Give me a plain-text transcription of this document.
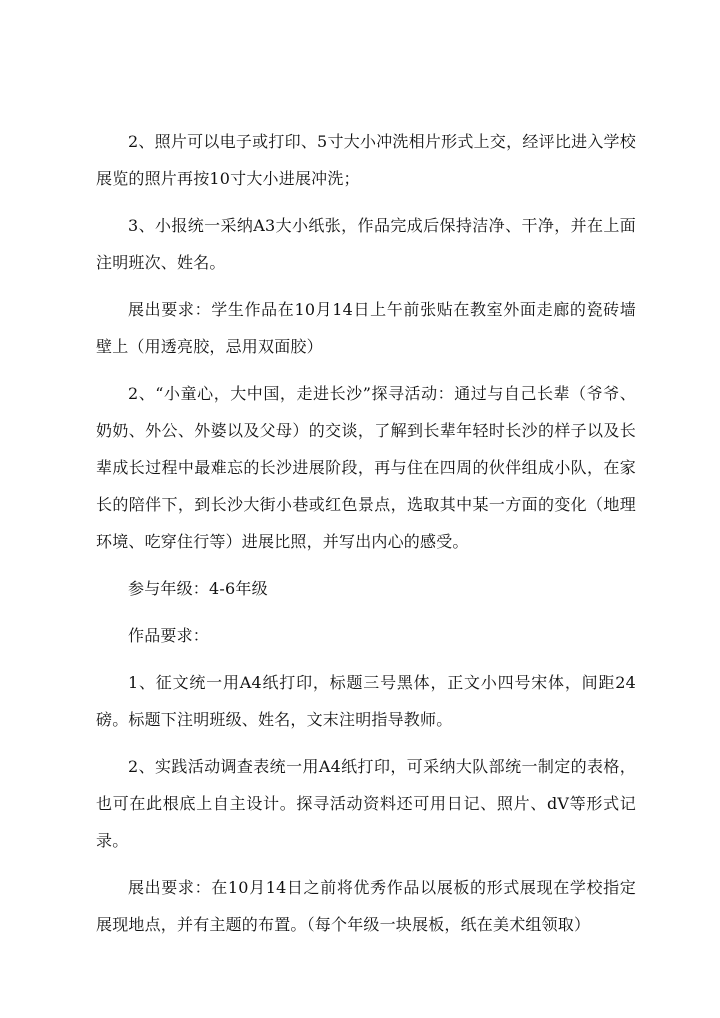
2、照片可以电子或打印、5寸大小冲洗相片形式上交，经评比进入学校展览的照片再按10寸大小进展冲洗；

3、小报统一采纳A3大小纸张，作品完成后保持洁净、干净，并在上面注明班次、姓名。

展出要求：学生作品在10月14日上午前张贴在教室外面走廊的瓷砖墙壁上（用透亮胶，忌用双面胶）

2、“小童心，大中国，走进长沙”探寻活动：通过与自己长辈（爷爷、奶奶、外公、外婆以及父母）的交谈，了解到长辈年轻时长沙的样子以及长辈成长过程中最难忘的长沙进展阶段，再与住在四周的伙伴组成小队，在家长的陪伴下，到长沙大街小巷或红色景点，选取其中某一方面的变化（地理环境、吃穿住行等）进展比照，并写出内心的感受。

参与年级：4-6年级

作品要求：

1、征文统一用A4纸打印，标题三号黑体，正文小四号宋体，间距24磅。标题下注明班级、姓名，文末注明指导教师。

2、实践活动调查表统一用A4纸打印，可采纳大队部统一制定的表格，也可在此根底上自主设计。探寻活动资料还可用日记、照片、dV等形式记录。

展出要求：在10月14日之前将优秀作品以展板的形式展现在学校指定展现地点，并有主题的布置。（每个年级一块展板，纸在美术组领取）
